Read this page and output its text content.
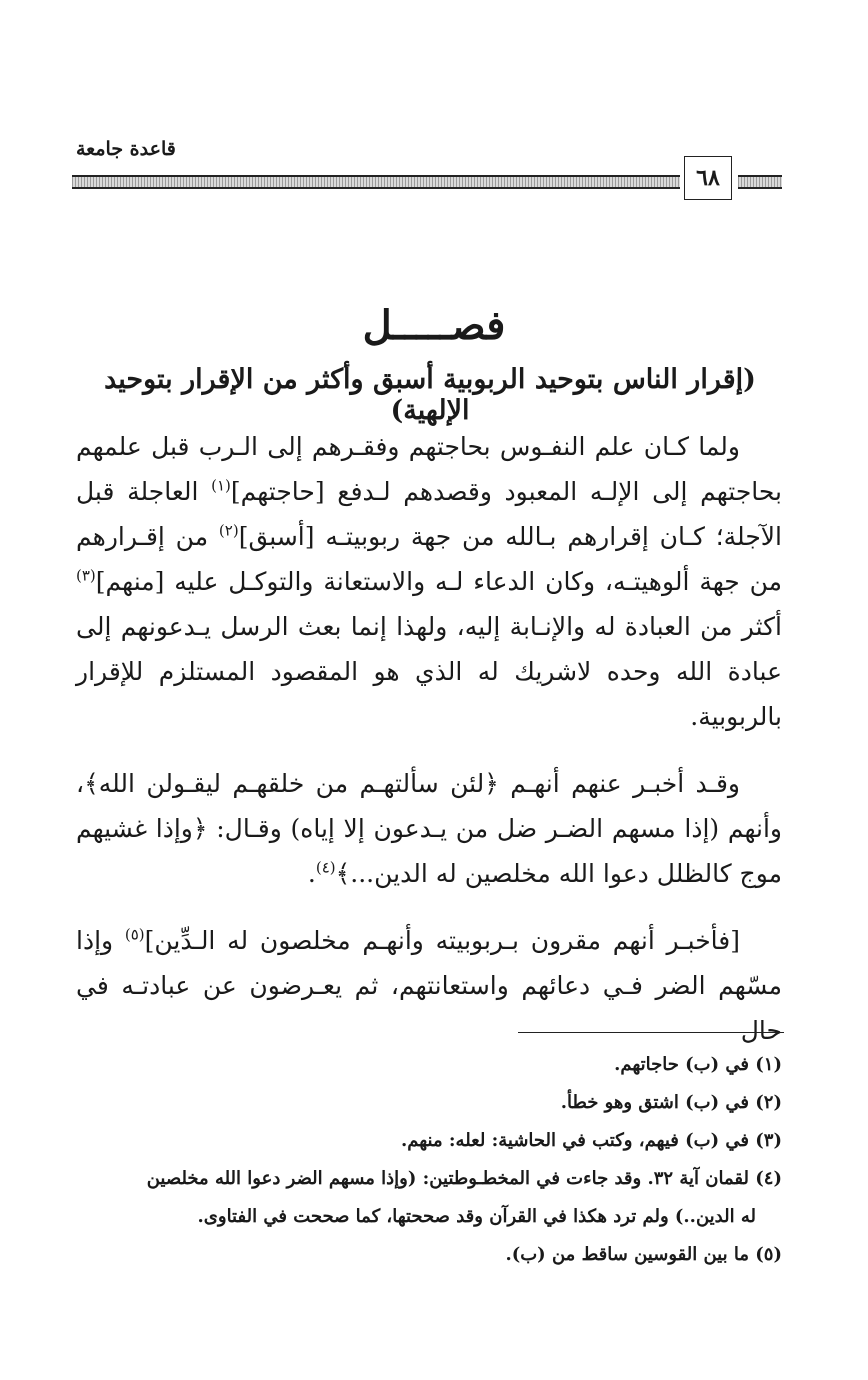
قاعدة جامعة
٦٨
فصـــــل
(إقرار الناس بتوحيد الربوبية أسبق وأكثر من الإقرار بتوحيد الإلهية)

ولما كـان علم النفـوس بحاجتهم وفقـرهم إلى الـرب قبل علمهم بحاجتهم إلى الإلـه المعبود وقصدهم لـدفع [حاجتهم]$^{(١)}$ العاجلة قبل الآجلة؛ كـان إقرارهم بـالله من جهة ربوبيتـه [أسبق]$^{(٢)}$ من إقـرارهم من جهة ألوهيتـه، وكان الدعاء لـه والاستعانة والتوكـل عليه [منهم]$^{(٣)}$ أكثر من العبادة له والإنـابة إليه، ولهذا إنما بعث الرسل يـدعونهم إلى عبادة الله وحده لاشريك له الذي هو المقصود المستلزم للإقرار بالربوبية.

وقـد أخبـر عنهم أنهـم ﴿لئن سألتهـم من خلقهـم ليقـولن الله﴾، وأنهم (إذا مسهم الضـر ضل من يـدعون إلا إياه) وقـال: ﴿وإذا غشيهم موج كالظلل دعوا الله مخلصين له الدين...﴾$^{(٤)}$.

[فأخبـر أنهم مقرون بـربوبيته وأنهـم مخلصون له الـدِّين]$^{(٥)}$ وإذا مسّهم الضر فـي دعائهم واستعانتهم، ثم يعـرضون عن عبادتـه في حال

(١) في (ب) حاجاتهم.
(٢) في (ب) اشتق وهو خطأ.
(٣) في (ب) فيهم، وكتب في الحاشية: لعله: منهم.
(٤) لقمان آية ٣٢. وقد جاءت في المخطـوطتين: (وإذا مسهم الضر دعوا الله مخلصين
له الدين..) ولم ترد هكذا في القرآن وقد صححتها، كما صححت في الفتاوى.
(٥) ما بين القوسين ساقط من (ب).
